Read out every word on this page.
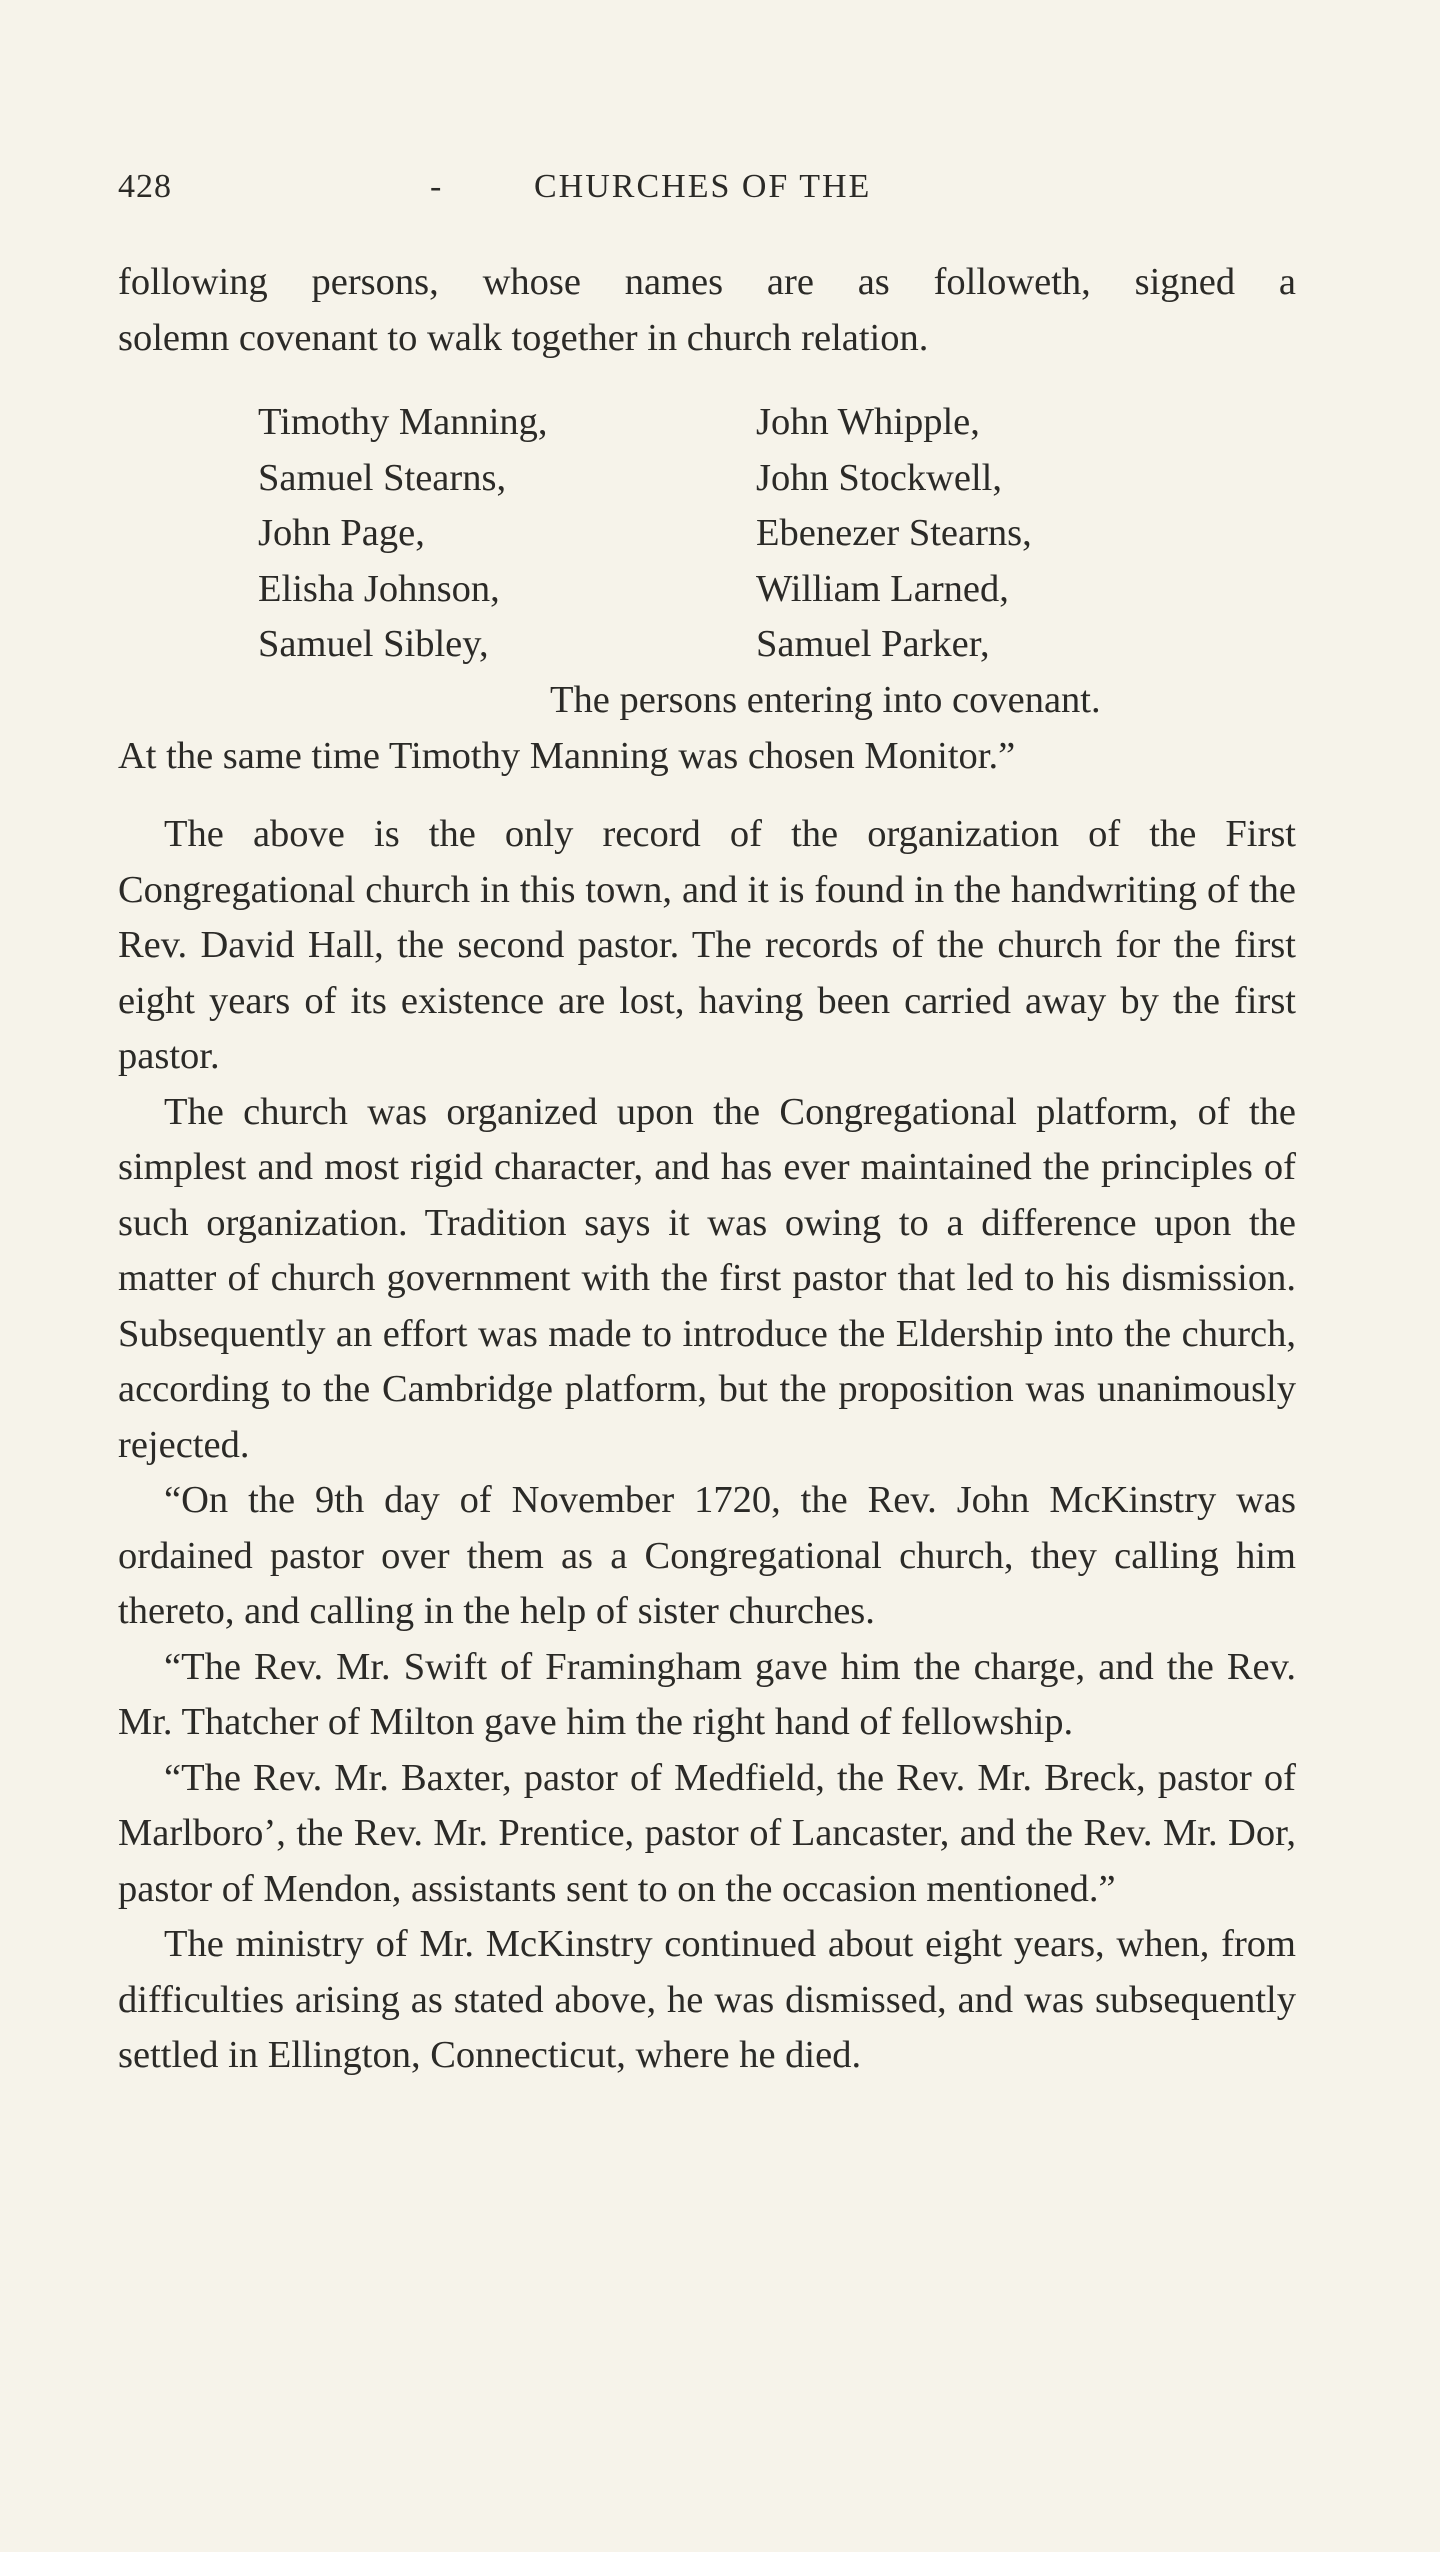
428	-	CHURCHES OF THE

following persons, whose names are as followeth, signed a

solemn covenant to walk together in church relation.

Timothy Manning,	John Whipple,
Samuel Stearns,	John Stockwell,
John Page,	Ebenezer Stearns,
Elisha Johnson,	William Larned,
Samuel Sibley,	Samuel Parker,
The persons entering into covenant.
At the same time Timothy Manning was chosen Monitor.”

The above is the only record of the organization of the First Congregational church in this town, and it is found in the handwriting of the Rev. David Hall, the second pastor. The records of the church for the first eight years of its existence are lost, having been carried away by the first pastor.

The church was organized upon the Congregational platform, of the simplest and most rigid character, and has ever maintained the principles of such organization. Tradition says it was owing to a difference upon the matter of church government with the first pastor that led to his dismission. Subsequently an effort was made to introduce the Eldership into the church, according to the Cambridge platform, but the proposition was unanimously rejected.

“On the 9th day of November 1720, the Rev. John McKinstry was ordained pastor over them as a Congregational church, they calling him thereto, and calling in the help of sister churches.

“The Rev. Mr. Swift of Framingham gave him the charge, and the Rev. Mr. Thatcher of Milton gave him the right hand of fellowship.

“The Rev. Mr. Baxter, pastor of Medfield, the Rev. Mr. Breck, pastor of Marlboro’, the Rev. Mr. Prentice, pastor of Lancaster, and the Rev. Mr. Dor, pastor of Mendon, assistants sent to on the occasion mentioned.”

The ministry of Mr. McKinstry continued about eight years, when, from difficulties arising as stated above, he was dismissed, and was subsequently settled in Ellington, Connecticut, where he died.
